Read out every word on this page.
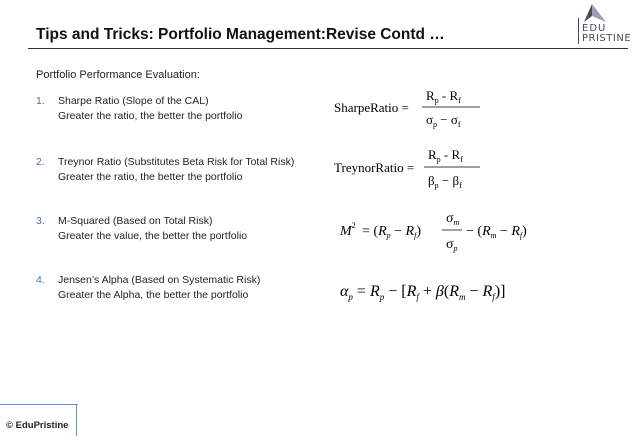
Tips and Tricks: Portfolio Management:Revise Contd …	EDU
PRISTINE
Portfolio Performance Evaluation:
1. Sharpe Ratio (Slope of the CAL)
Greater the ratio, the better the portfolio
2. Treynor Ratio (Substitutes Beta Risk for Total Risk)
Greater the ratio, the better the portfolio
3. M-Squared (Based on Total Risk)
Greater the value, the better the portfolio
4. Jensen’s Alpha (Based on Systematic Risk)
Greater the Alpha, the better the portfolio
SharpeRatio =
$R_p - R_f$
$\sigma_p - \sigma_f$
TreynorRatio =
$R_p - R_f$
$\beta_p - \beta_f$
$M^2 = (R_p - R_f)$
$\sigma_m$
$\sigma_p$
− $(R_m - R_f)$
$\alpha_p = R_p - [R_f + \beta(R_m - R_f)]$
© EduPristine
